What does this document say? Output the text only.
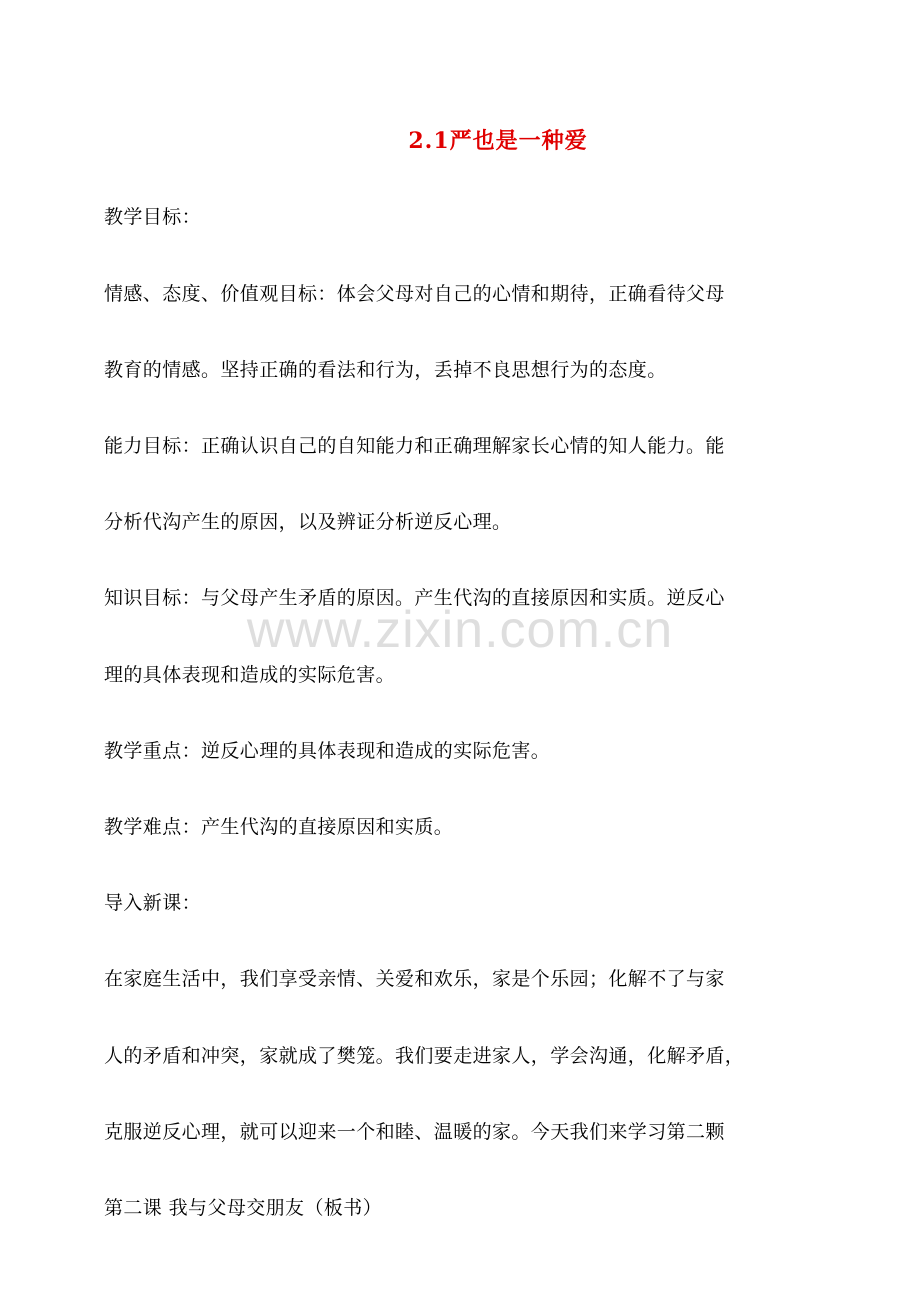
2.1严也是一种爱
教学目标：
情感、态度、价值观目标：体会父母对自己的心情和期待，正确看待父母
教育的情感。坚持正确的看法和行为，丢掉不良思想行为的态度。
能力目标：正确认识自己的自知能力和正确理解家长心情的知人能力。能
分析代沟产生的原因，以及辨证分析逆反心理。
知识目标：与父母产生矛盾的原因。产生代沟的直接原因和实质。逆反心
理的具体表现和造成的实际危害。
教学重点：逆反心理的具体表现和造成的实际危害。
教学难点：产生代沟的直接原因和实质。
导入新课：
在家庭生活中，我们享受亲情、关爱和欢乐，家是个乐园；化解不了与家
人的矛盾和冲突，家就成了樊笼。我们要走进家人，学会沟通，化解矛盾，
克服逆反心理，就可以迎来一个和睦、温暖的家。今天我们来学习第二颗
第二课 我与父母交朋友（板书）
www.zixin.com.cn
